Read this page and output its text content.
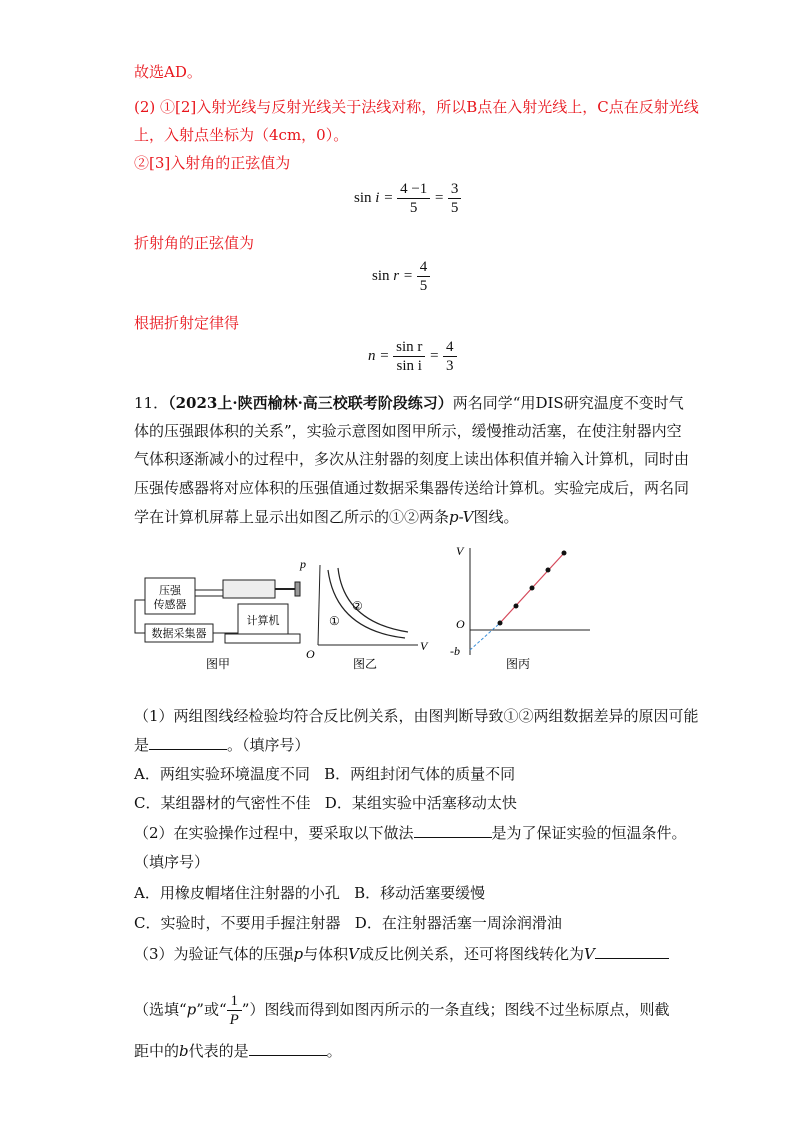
故选AD。
(2) ①[2]入射光线与反射光线关于法线对称，所以B点在入射光线上，C点在反射光线
上，入射点坐标为（4cm，0）。
②[3]入射角的正弦值为
$\sin i = \frac{4 -1}{5} = \frac{3}{5}$
折射角的正弦值为
$\sin r = \frac{4}{5}$
根据折射定律得
$n = \frac{\text{sin r}}{\text{sin i}} = \frac{4}{3}$
11．（2023上·陕西榆林·高三校联考阶段练习）两名同学“用DIS研究温度不变时气
体的压强跟体积的关系”，实验示意图如图甲所示，缓慢推动活塞，在使注射器内空
气体积逐渐减小的过程中，多次从注射器的刻度上读出体积值并输入计算机，同时由
压强传感器将对应体积的压强值通过数据采集器传送给计算机。实验完成后，两名同
学在计算机屏幕上显示出如图乙所示的①②两条p-V图线。
压强
传感器
计算机
数据采集器
图甲
p
V
O
①
②
图乙
V
O
-b
图丙
（1）两组图线经检验均符合反比例关系，由图判断导致①②两组数据差异的原因可能
是	。（填序号）
A．两组实验环境温度不同 B．两组封闭气体的质量不同
C．某组器材的气密性不佳 D．某组实验中活塞移动太快
（2）在实验操作过程中，要采取以下做法	是为了保证实验的恒温条件。
（填序号）
A．用橡皮帽堵住注射器的小孔 B．移动活塞要缓慢
C．实验时，不要用手握注射器 D．在注射器活塞一周涂润滑油
（3）为验证气体的压强p与体积V成反比例关系，还可将图线转化为V
（选填“p”或“ $\frac{1}{P}$ ”）图线而得到如图丙所示的一条直线；图线不过坐标原点，则截
距中的b代表的是	。
